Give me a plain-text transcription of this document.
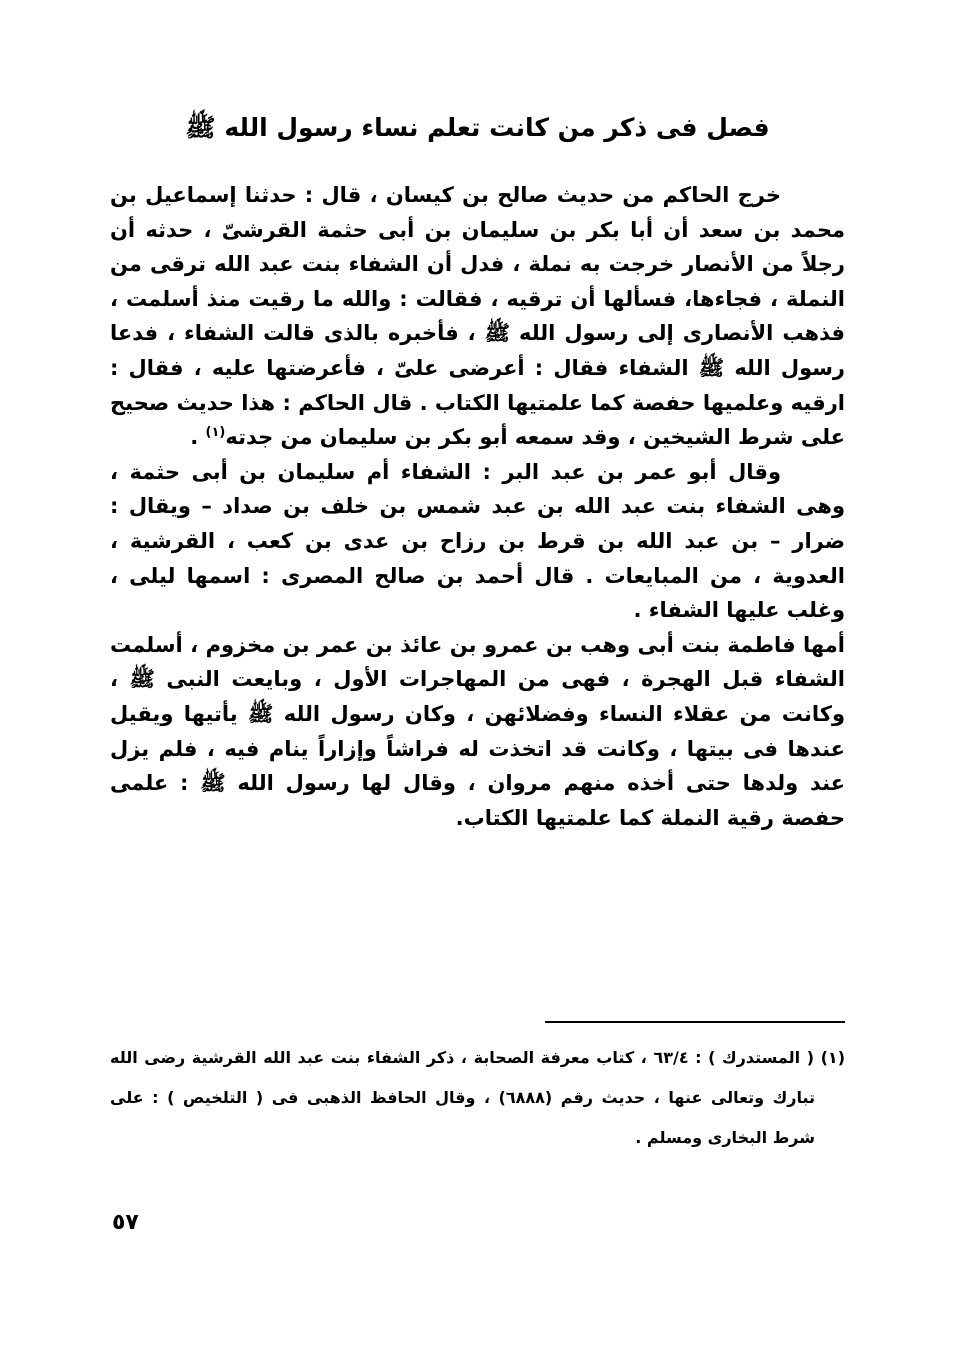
فصل فى ذكر من كانت تعلم نساء رسول الله ﷺ

خرج الحاكم من حديث صالح بن كيسان ، قال : حدثنا إسماعيل بن محمد بن سعد أن أبا بكر بن سليمان بن أبى حثمة القرشىّ ، حدثه أن رجلاً من الأنصار خرجت به نملة ، فدل أن الشفاء بنت عبد الله ترقى من النملة ، فجاءها، فسألها أن ترقيه ، فقالت : والله ما رقيت منذ أسلمت ، فذهب الأنصارى إلى رسول الله ﷺ ، فأخبره بالذى قالت الشفاء ، فدعا رسول الله ﷺ الشفاء فقال : أعرضى علىّ ، فأعرضتها عليه ، فقال : ارقيه وعلميها حفصة كما علمتيها الكتاب . قال الحاكم : هذا حديث صحيح على شرط الشيخين ، وقد سمعه أبو بكر بن سليمان من جدته$^{(١)}$ .

وقال أبو عمر بن عبد البر : الشفاء أم سليمان بن أبى حثمة ، وهى الشفاء بنت عبد الله بن عبد شمس بن خلف بن صداد – ويقال : ضرار – بن عبد الله بن قرط بن رزاح بن عدى بن كعب ، القرشية ، العدوية ، من المبايعات . قال أحمد بن صالح المصرى : اسمها ليلى ، وغلب عليها الشفاء .

أمها فاطمة بنت أبى وهب بن عمرو بن عائذ بن عمر بن مخزوم ، أسلمت الشفاء قبل الهجرة ، فهى من المهاجرات الأول ، وبايعت النبى ﷺ ، وكانت من عقلاء النساء وفضلائهن ، وكان رسول الله ﷺ يأتيها ويقيل عندها فى بيتها ، وكانت قد اتخذت له فراشاً وإزاراً ينام فيه ، فلم يزل عند ولدها حتى أخذه منهم مروان ، وقال لها رسول الله ﷺ : علمى حفصة رقية النملة كما علمتيها الكتاب.

(١) ( المستدرك ) : ٦٣/٤ ، كتاب معرفة الصحابة ، ذكر الشفاء بنت عبد الله القرشية رضى الله تبارك وتعالى عنها ، حديث رقم (٦٨٨٨) ، وقال الحافظ الذهبى فى ( التلخيص ) : على شرط البخارى ومسلم .

٥٧
